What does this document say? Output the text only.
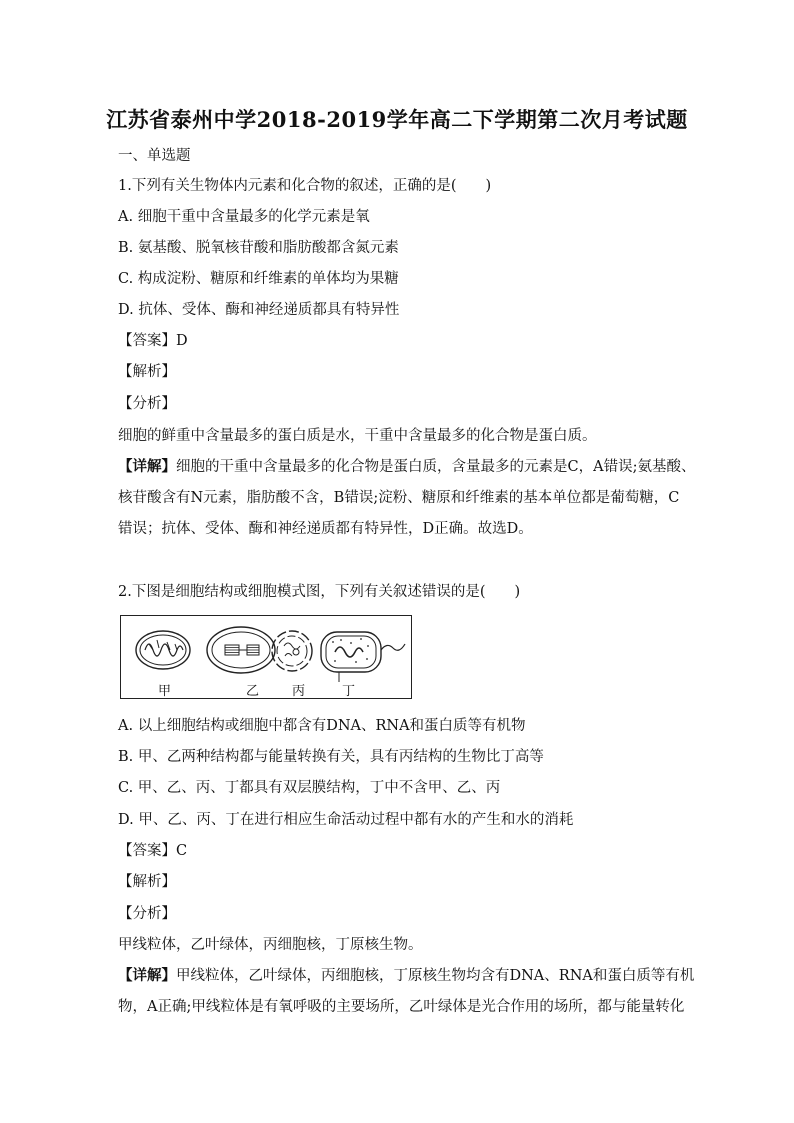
江苏省泰州中学2018-2019学年高二下学期第二次月考试题
一、单选题
1.下列有关生物体内元素和化合物的叙述，正确的是(　　)
A. 细胞干重中含量最多的化学元素是氧
B. 氨基酸、脱氧核苷酸和脂肪酸都含氮元素
C. 构成淀粉、糖原和纤维素的单体均为果糖
D. 抗体、受体、酶和神经递质都具有特异性
【答案】D
【解析】
【分析】
细胞的鲜重中含量最多的蛋白质是水，干重中含量最多的化合物是蛋白质。
【详解】细胞的干重中含量最多的化合物是蛋白质，含量最多的元素是C，A错误;氨基酸、
核苷酸含有N元素，脂肪酸不含，B错误;淀粉、糖原和纤维素的基本单位都是葡萄糖，C
错误；抗体、受体、酶和神经递质都有特异性，D正确。故选D。
2.下图是细胞结构或细胞模式图，下列有关叙述错误的是(　　)
甲	乙	丙	丁
A. 以上细胞结构或细胞中都含有DNA、RNA和蛋白质等有机物
B. 甲、乙两种结构都与能量转换有关，具有丙结构的生物比丁高等
C. 甲、乙、丙、丁都具有双层膜结构，丁中不含甲、乙、丙
D. 甲、乙、丙、丁在进行相应生命活动过程中都有水的产生和水的消耗
【答案】C
【解析】
【分析】
甲线粒体，乙叶绿体，丙细胞核，丁原核生物。
【详解】甲线粒体，乙叶绿体，丙细胞核，丁原核生物均含有DNA、RNA和蛋白质等有机
物，A正确;甲线粒体是有氧呼吸的主要场所，乙叶绿体是光合作用的场所，都与能量转化
